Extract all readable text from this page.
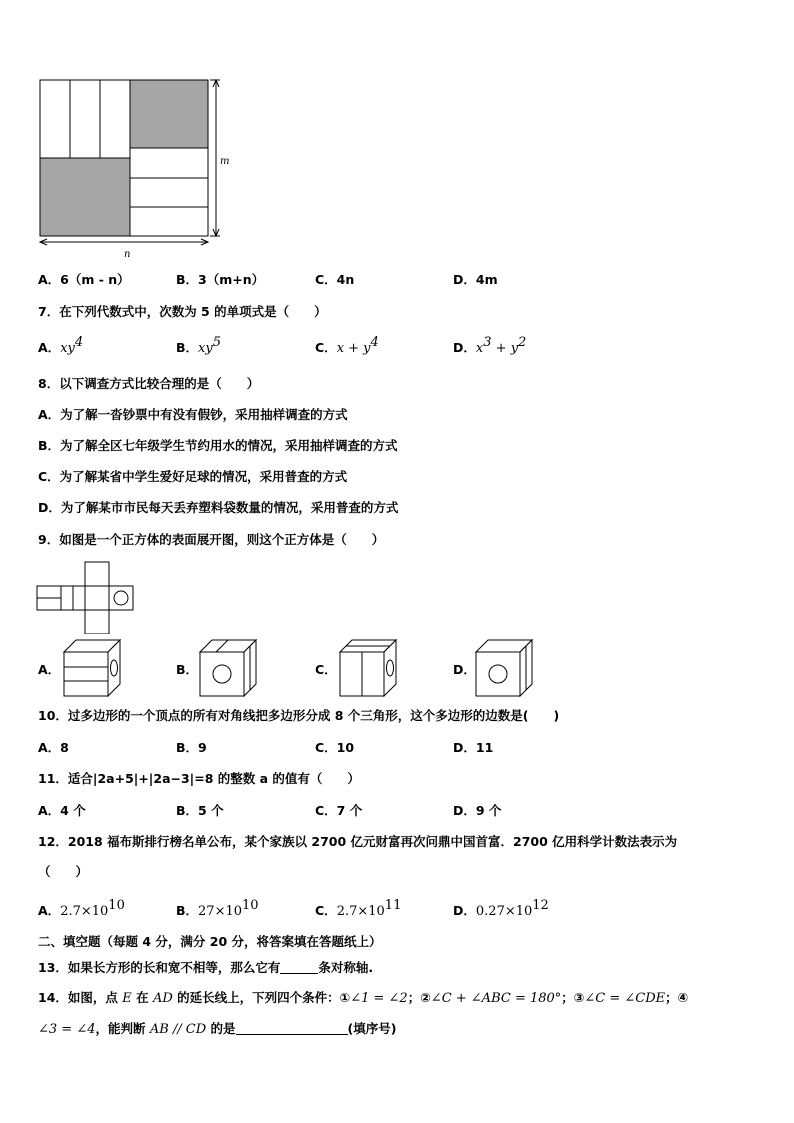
m
n
A．6（m - n）	B．3（m+n）	C．4n	D．4m
7．在下列代数式中，次数为 5 的单项式是（　　）
A．$xy^4$	B．$xy^5$	C．$x + y^4$	D．$x^3 + y^2$
8．以下调查方式比较合理的是（　　）
A．为了解一沓钞票中有没有假钞，采用抽样调查的方式
B．为了解全区七年级学生节约用水的情况，采用抽样调查的方式
C．为了解某省中学生爱好足球的情况，采用普查的方式
D．为了解某市市民每天丢弃塑料袋数量的情况，采用普查的方式
9．如图是一个正方体的表面展开图，则这个正方体是（　　）
A．	B．	C．	D．
10．过多边形的一个顶点的所有对角线把多边形分成 8 个三角形，这个多边形的边数是(　　)
A．8	B．9	C．10	D．11
11．适合|2a+5|+|2a−3|=8 的整数 a 的值有（　　）
A．4 个	B．5 个	C．7 个	D．9 个
12．2018 福布斯排行榜名单公布，某个家族以 2700 亿元财富再次问鼎中国首富．2700 亿用科学计数法表示为
（　　）
A．$2.7\times 10^{10}$	B．$27\times 10^{10}$	C．$2.7\times 10^{11}$	D．$0.27\times 10^{12}$
二、填空题（每题 4 分，满分 20 分，将答案填在答题纸上）
13．如果长方形的长和宽不相等，那么它有	条对称轴.
14．如图，点 E 在 AD 的延长线上，下列四个条件：①∠1 = ∠2；②∠C + ∠ABC = 180°；③∠C = ∠CDE；④
∠3 = ∠4，能判断 AB // CD 的是	(填序号)
